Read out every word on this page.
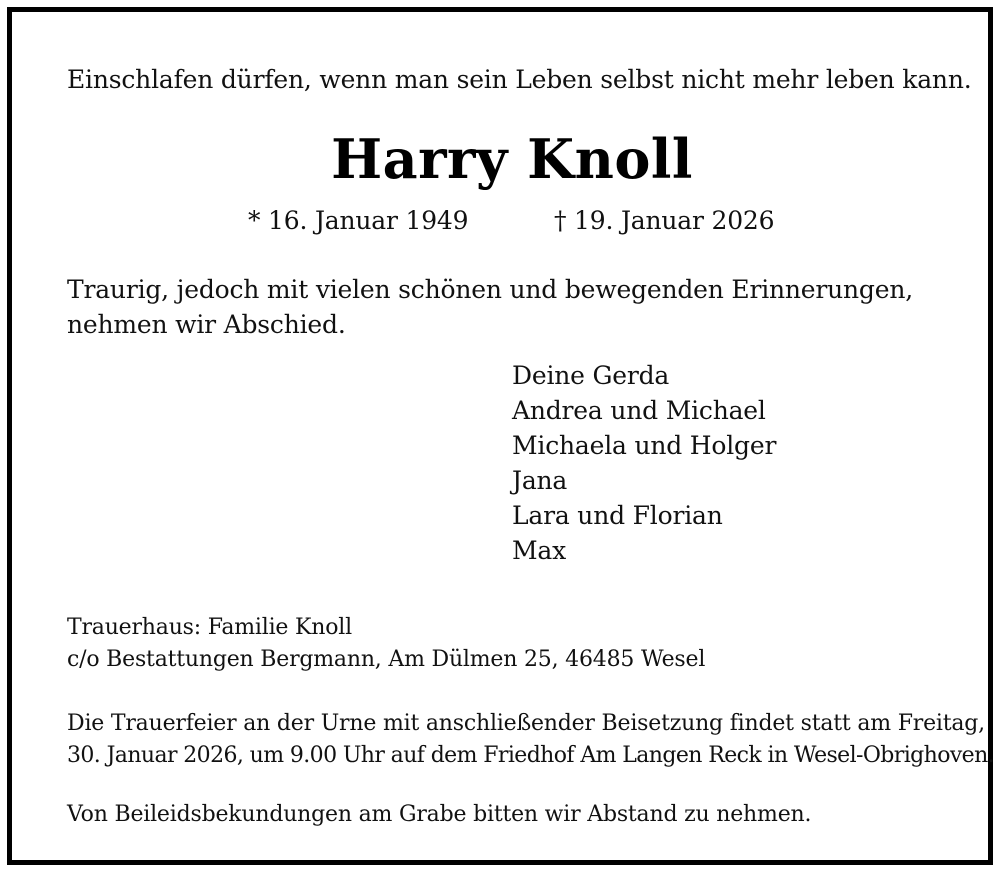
Einschlafen dürfen, wenn man sein Leben selbst nicht mehr leben kann.
Harry Knoll
* 16. Januar 1949	† 19. Januar 2026
Traurig, jedoch mit vielen schönen und bewegenden Erinnerungen,
nehmen wir Abschied.
Deine Gerda
Andrea und Michael
Michaela und Holger
Jana
Lara und Florian
Max
Trauerhaus: Familie Knoll
c/o Bestattungen Bergmann, Am Dülmen 25, 46485 Wesel
Die Trauerfeier an der Urne mit anschließender Beisetzung findet statt am Freitag,
30. Januar 2026, um 9.00 Uhr auf dem Friedhof Am Langen Reck in Wesel-Obrighoven.
Von Beileidsbekundungen am Grabe bitten wir Abstand zu nehmen.
